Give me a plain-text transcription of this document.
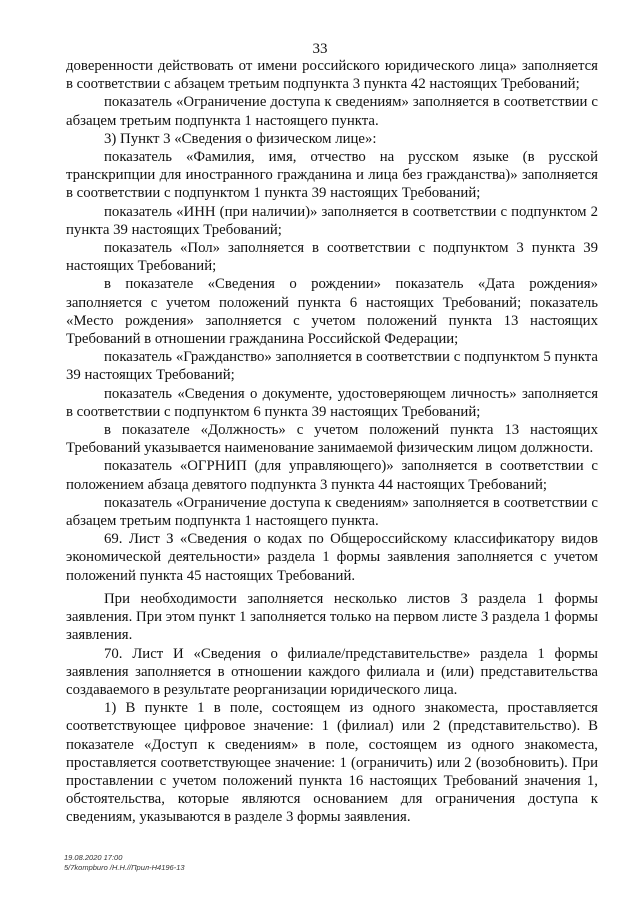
33

доверенности действовать от имени российского юридического лица» заполняется в соответствии с абзацем третьим подпункта 3 пункта 42 настоящих Требований;

показатель «Ограничение доступа к сведениям» заполняется в соответствии с абзацем третьим подпункта 1 настоящего пункта.

3) Пункт 3 «Сведения о физическом лице»:

показатель «Фамилия, имя, отчество на русском языке (в русской транскрипции для иностранного гражданина и лица без гражданства)» заполняется в соответствии с подпунктом 1 пункта 39 настоящих Требований;

показатель «ИНН (при наличии)» заполняется в соответствии с подпунктом 2 пункта 39 настоящих Требований;

показатель «Пол» заполняется в соответствии с подпунктом 3 пункта 39 настоящих Требований;

в показателе «Сведения о рождении» показатель «Дата рождения» заполняется с учетом положений пункта 6 настоящих Требований; показатель «Место рождения» заполняется с учетом положений пункта 13 настоящих Требований в отношении гражданина Российской Федерации;

показатель «Гражданство» заполняется в соответствии с подпунктом 5 пункта 39 настоящих Требований;

показатель «Сведения о документе, удостоверяющем личность» заполняется в соответствии с подпунктом 6 пункта 39 настоящих Требований;

в показателе «Должность» с учетом положений пункта 13 настоящих Требований указывается наименование занимаемой физическим лицом должности.

показатель «ОГРНИП (для управляющего)» заполняется в соответствии с положением абзаца девятого подпункта 3 пункта 44 настоящих Требований;

показатель «Ограничение доступа к сведениям» заполняется в соответствии с абзацем третьим подпункта 1 настоящего пункта.

69. Лист З «Сведения о кодах по Общероссийскому классификатору видов экономической деятельности» раздела 1 формы заявления заполняется с учетом положений пункта 45 настоящих Требований.

При необходимости заполняется несколько листов З раздела 1 формы заявления. При этом пункт 1 заполняется только на первом листе З раздела 1 формы заявления.

70. Лист И «Сведения о филиале/представительстве» раздела 1 формы заявления заполняется в отношении каждого филиала и (или) представительства создаваемого в результате реорганизации юридического лица.

1) В пункте 1 в поле, состоящем из одного знакоместа, проставляется соответствующее цифровое значение: 1 (филиал) или 2 (представительство). В показателе «Доступ к сведениям» в поле, состоящем из одного знакоместа, проставляется соответствующее значение: 1 (ограничить) или 2 (возобновить). При проставлении с учетом положений пункта 16 настоящих Требований значения 1, обстоятельства, которые являются основанием для ограничения доступа к сведениям, указываются в разделе 3 формы заявления.

19.08.2020 17:00
5/7kompburo /Н.Н.//Прил-Н4196-13
